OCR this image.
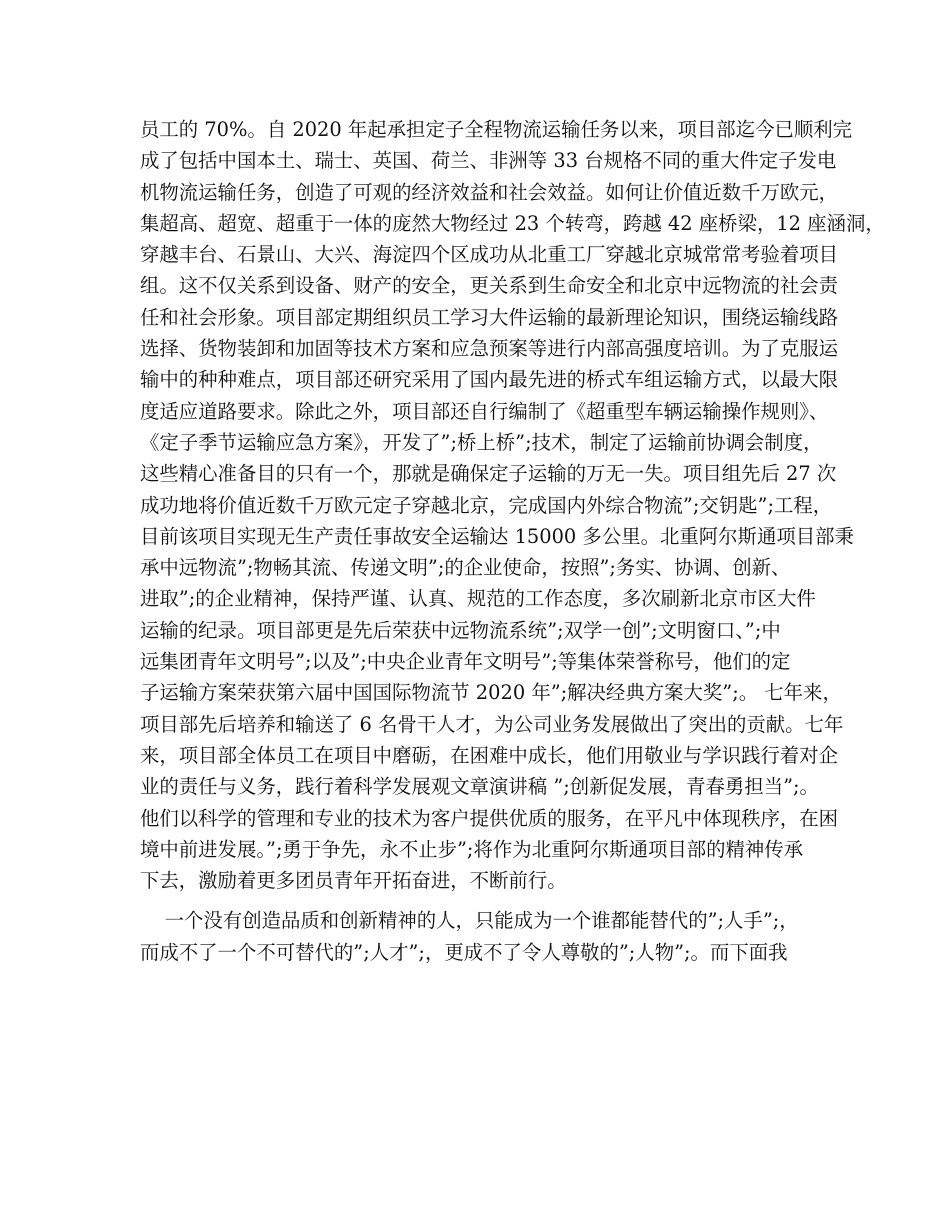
员工的 70%。自 2020 年起承担定子全程物流运输任务以来，项目部迄今已顺利完
成了包括中国本土、瑞士、英国、荷兰、非洲等 33 台规格不同的重大件定子发电
机物流运输任务，创造了可观的经济效益和社会效益。如何让价值近数千万欧元，
集超高、超宽、超重于一体的庞然大物经过 23 个转弯，跨越 42 座桥梁，12 座涵洞，
穿越丰台、石景山、大兴、海淀四个区成功从北重工厂穿越北京城常常考验着项目
组。这不仅关系到设备、财产的安全，更关系到生命安全和北京中远物流的社会责
任和社会形象。项目部定期组织员工学习大件运输的最新理论知识，围绕运输线路
选择、货物装卸和加固等技术方案和应急预案等进行内部高强度培训。为了克服运
输中的种种难点，项目部还研究采用了国内最先进的桥式车组运输方式，以最大限
度适应道路要求。除此之外，项目部还自行编制了《超重型车辆运输操作规则》、
《定子季节运输应急方案》，开发了”;桥上桥”;技术，制定了运输前协调会制度，
这些精心准备目的只有一个，那就是确保定子运输的万无一失。项目组先后 27 次
成功地将价值近数千万欧元定子穿越北京，完成国内外综合物流”;交钥匙”;工程，
目前该项目实现无生产责任事故安全运输达 15000 多公里。北重阿尔斯通项目部秉
承中远物流”;物畅其流、传递文明”;的企业使命，按照”;务实、协调、创新、
进取”;的企业精神，保持严谨、认真、规范的工作态度，多次刷新北京市区大件
运输的纪录。项目部更是先后荣获中远物流系统”;双学一创”;文明窗口、”;中
远集团青年文明号”;以及”;中央企业青年文明号”;等集体荣誉称号，他们的定
子运输方案荣获第六届中国国际物流节 2020 年”;解决经典方案大奖”;。 七年来，
项目部先后培养和输送了 6 名骨干人才，为公司业务发展做出了突出的贡献。七年
来，项目部全体员工在项目中磨砺，在困难中成长，他们用敬业与学识践行着对企
业的责任与义务，践行着科学发展观文章演讲稿 ”;创新促发展，青春勇担当”;。
他们以科学的管理和专业的技术为客户提供优质的服务，在平凡中体现秩序，在困
境中前进发展。”;勇于争先，永不止步”;将作为北重阿尔斯通项目部的精神传承
下去，激励着更多团员青年开拓奋进，不断前行。
一个没有创造品质和创新精神的人，只能成为一个谁都能替代的”;人手”;，
而成不了一个不可替代的”;人才”;，更成不了令人尊敬的”;人物”;。而下面我
